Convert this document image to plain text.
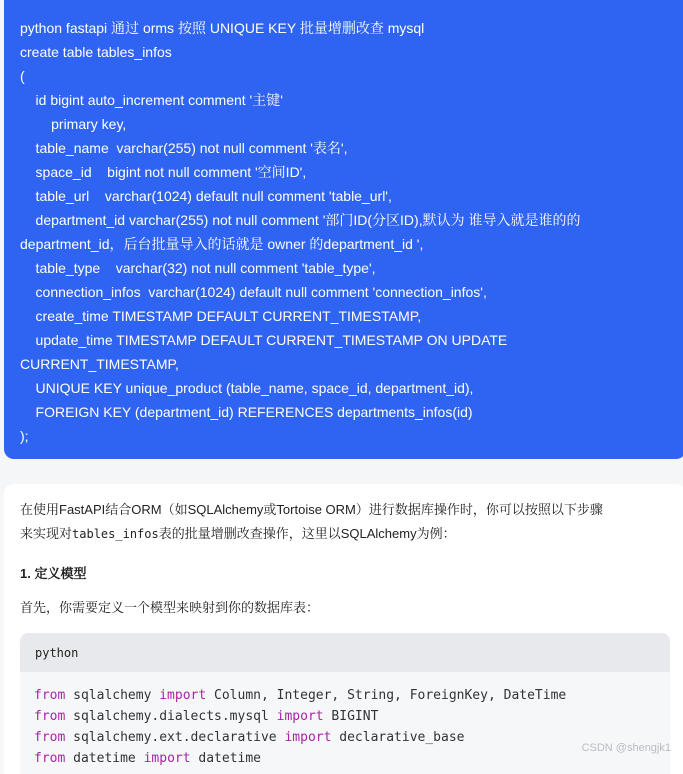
python fastapi 通过 orms 按照 UNIQUE KEY 批量增删改查 mysql
create table tables_infos
(
id bigint auto_increment comment '主键'
primary key,
table_name  varchar(255) not null comment '表名',
space_id    bigint not null comment '空间ID',
table_url    varchar(1024) default null comment 'table_url',
department_id varchar(255) not null comment '部门ID(分区ID),默认为 谁导入就是谁的的
department_id，后台批量导入的话就是 owner 的department_id ',
table_type    varchar(32) not null comment 'table_type',
connection_infos  varchar(1024) default null comment 'connection_infos',
create_time TIMESTAMP DEFAULT CURRENT_TIMESTAMP,
update_time TIMESTAMP DEFAULT CURRENT_TIMESTAMP ON UPDATE
CURRENT_TIMESTAMP,
UNIQUE KEY unique_product (table_name, space_id, department_id),
FOREIGN KEY (department_id) REFERENCES departments_infos(id)
);
在使用FastAPI结合ORM（如SQLAlchemy或Tortoise ORM）进行数据库操作时，你可以按照以下步骤
来实现对tables_infos表的批量增删改查操作，这里以SQLAlchemy为例：
1. 定义模型
首先，你需要定义一个模型来映射到你的数据库表：
python
from sqlalchemy import Column, Integer, String, ForeignKey, DateTime
from sqlalchemy.dialects.mysql import BIGINT
from sqlalchemy.ext.declarative import declarative_base
from datetime import datetime
CSDN @shengjk1
